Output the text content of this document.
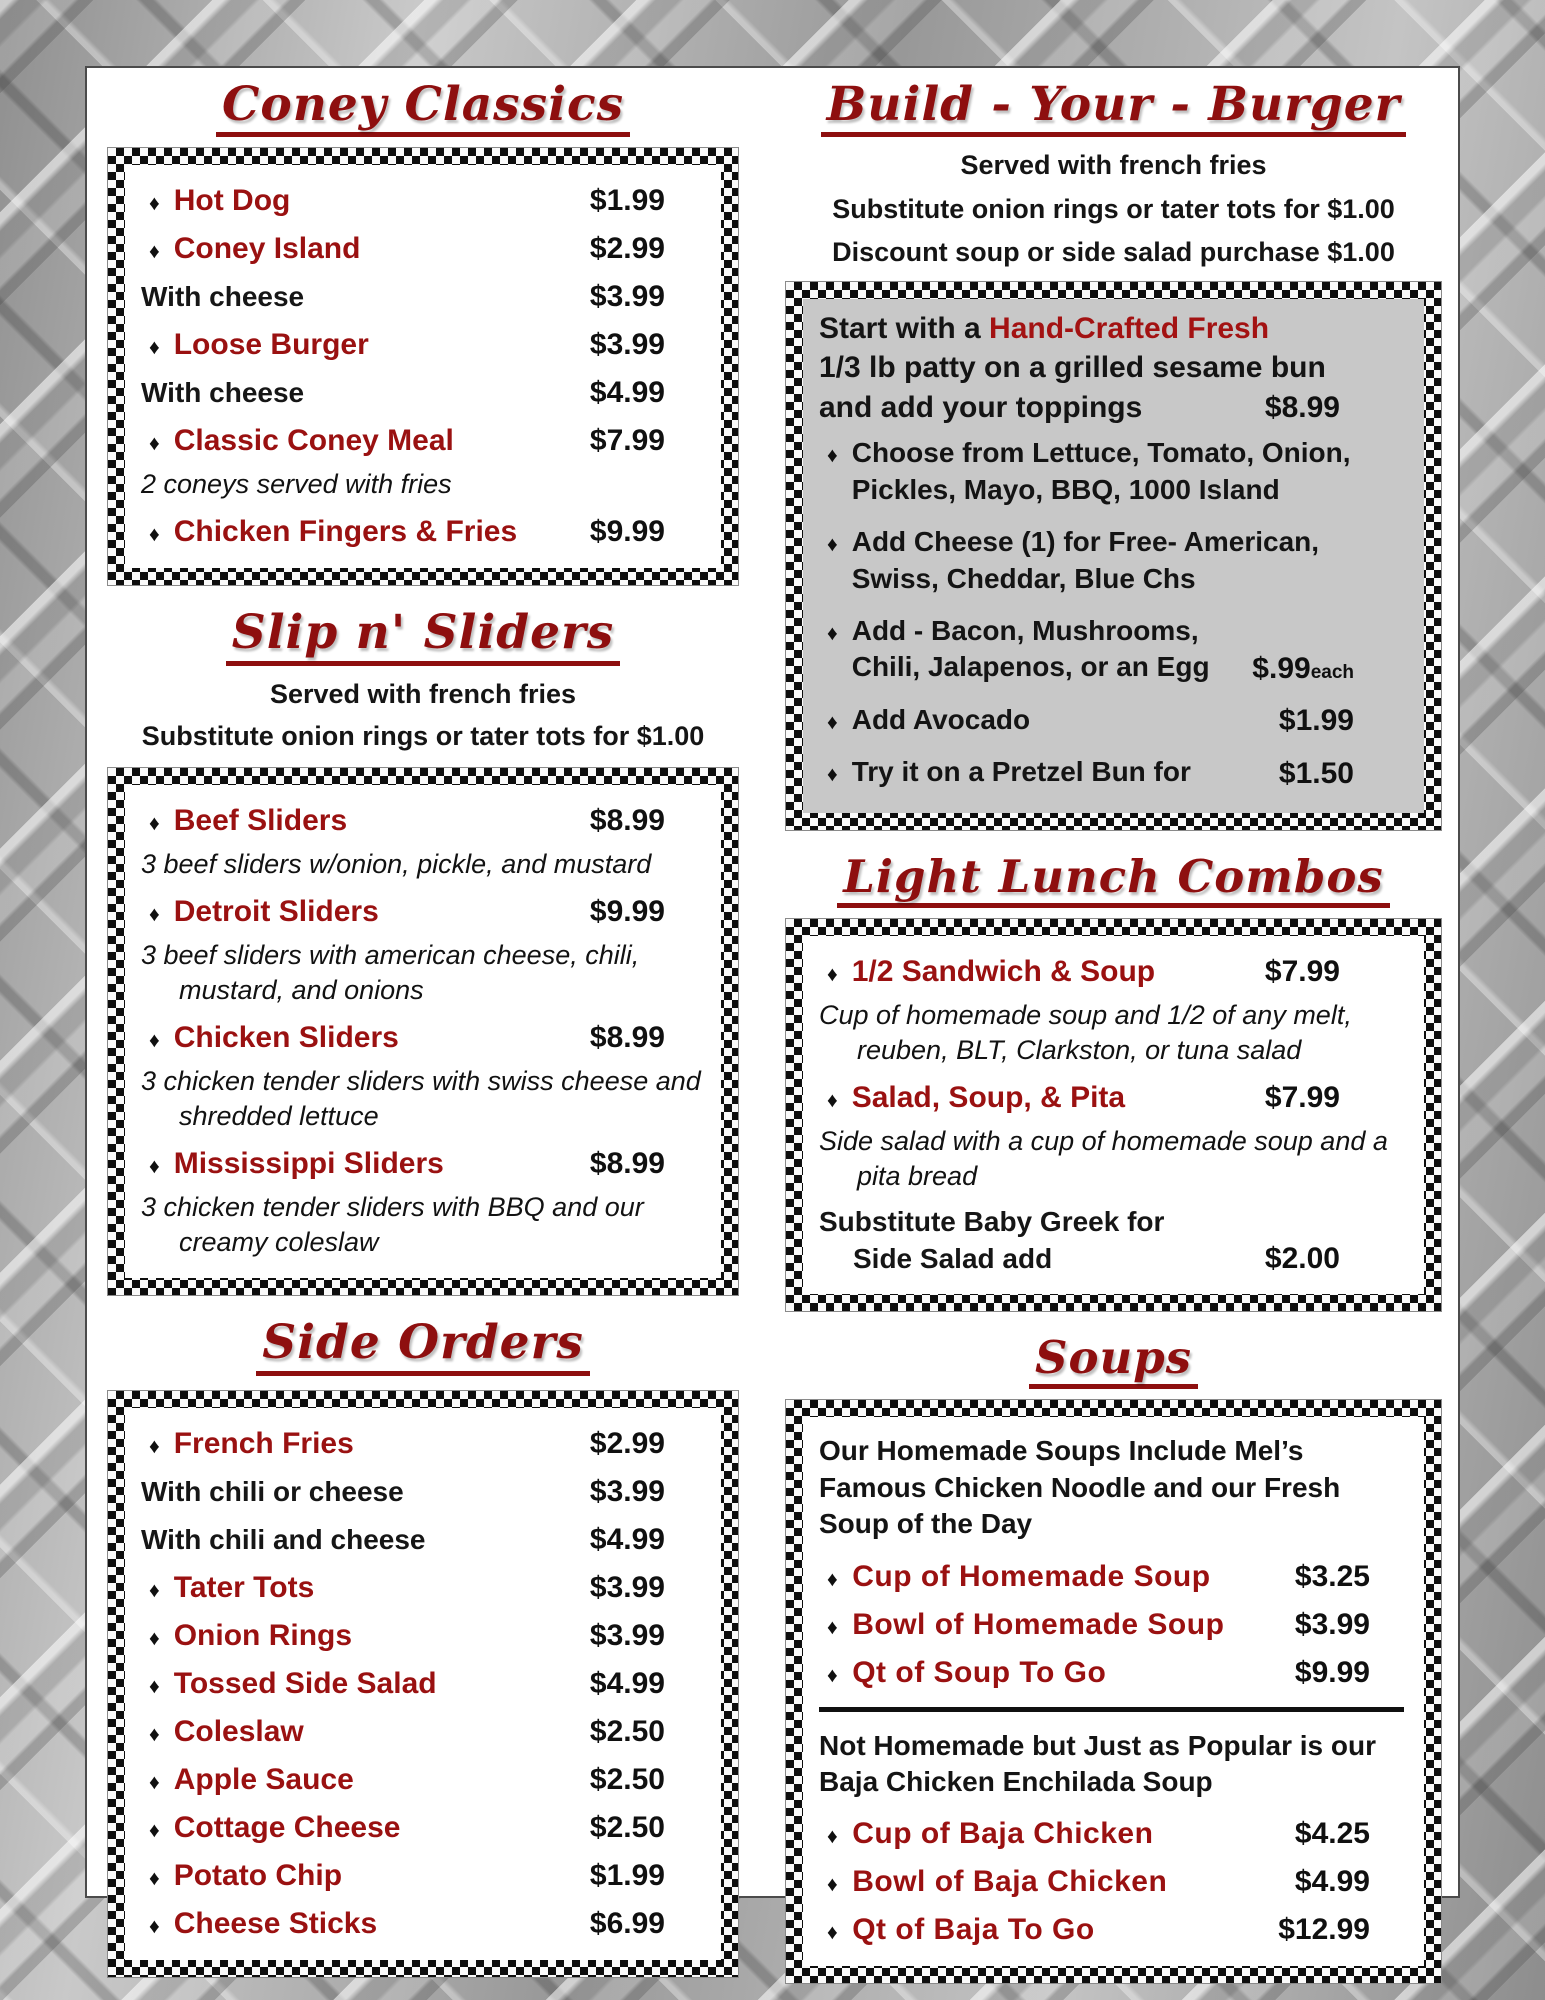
Coney Classics
♦ Hot Dog	$1.99
♦ Coney Island	$2.99
With cheese	$3.99
♦ Loose Burger	$3.99
With cheese	$4.99
♦ Classic Coney Meal	$7.99
2 coneys served with fries
♦ Chicken Fingers & Fries $9.99
Slip n' Sliders
Served with french fries
Substitute onion rings or tater tots for $1.00
♦ Beef Sliders	$8.99
3 beef sliders w/onion, pickle, and mustard
♦ Detroit Sliders	$9.99
3 beef sliders with american cheese, chili, mustard, and onions
♦ Chicken Sliders	$8.99
3 chicken tender sliders with swiss cheese and shredded lettuce
♦ Mississippi Sliders	$8.99
3 chicken tender sliders with BBQ and our creamy coleslaw
Side Orders
♦ French Fries	$2.99
With chili or cheese	$3.99
With chili and cheese	$4.99
♦ Tater Tots	$3.99
♦ Onion Rings	$3.99
♦ Tossed Side Salad	$4.99
♦ Coleslaw	$2.50
♦ Apple Sauce	$2.50
♦ Cottage Cheese	$2.50
♦ Potato Chip	$1.99
♦ Cheese Sticks	$6.99
Build - Your - Burger
Served with french fries
Substitute onion rings or tater tots for $1.00
Discount soup or side salad purchase $1.00
Start with a Hand-Crafted Fresh
1/3 lb patty on a grilled sesame bun
and add your toppings	$8.99
♦ Choose from Lettuce, Tomato, Onion, Pickles, Mayo, BBQ, 1000 Island
♦ Add Cheese (1) for Free- American, Swiss, Cheddar, Blue Chs
♦ Add - Bacon, Mushrooms, Chili, Jalapenos, or an Egg	$.99each
♦ Add Avocado	$1.99
♦ Try it on a Pretzel Bun for	$1.50
Light Lunch Combos
♦ 1/2 Sandwich & Soup	$7.99
Cup of homemade soup and 1/2 of any melt, reuben, BLT, Clarkston, or tuna salad
♦ Salad, Soup, & Pita	$7.99
Side salad with a cup of homemade soup and a pita bread
Substitute Baby Greek for
Side Salad add	$2.00
Soups
Our Homemade Soups Include Mel’s Famous Chicken Noodle and our Fresh Soup of the Day
♦ Cup of Homemade Soup	$3.25
♦ Bowl of Homemade Soup $3.99
♦ Qt of Soup To Go	$9.99
Not Homemade but Just as Popular is our Baja Chicken Enchilada Soup
♦ Cup of Baja Chicken	$4.25
♦ Bowl of Baja Chicken	$4.99
♦ Qt of Baja To Go	$12.99
